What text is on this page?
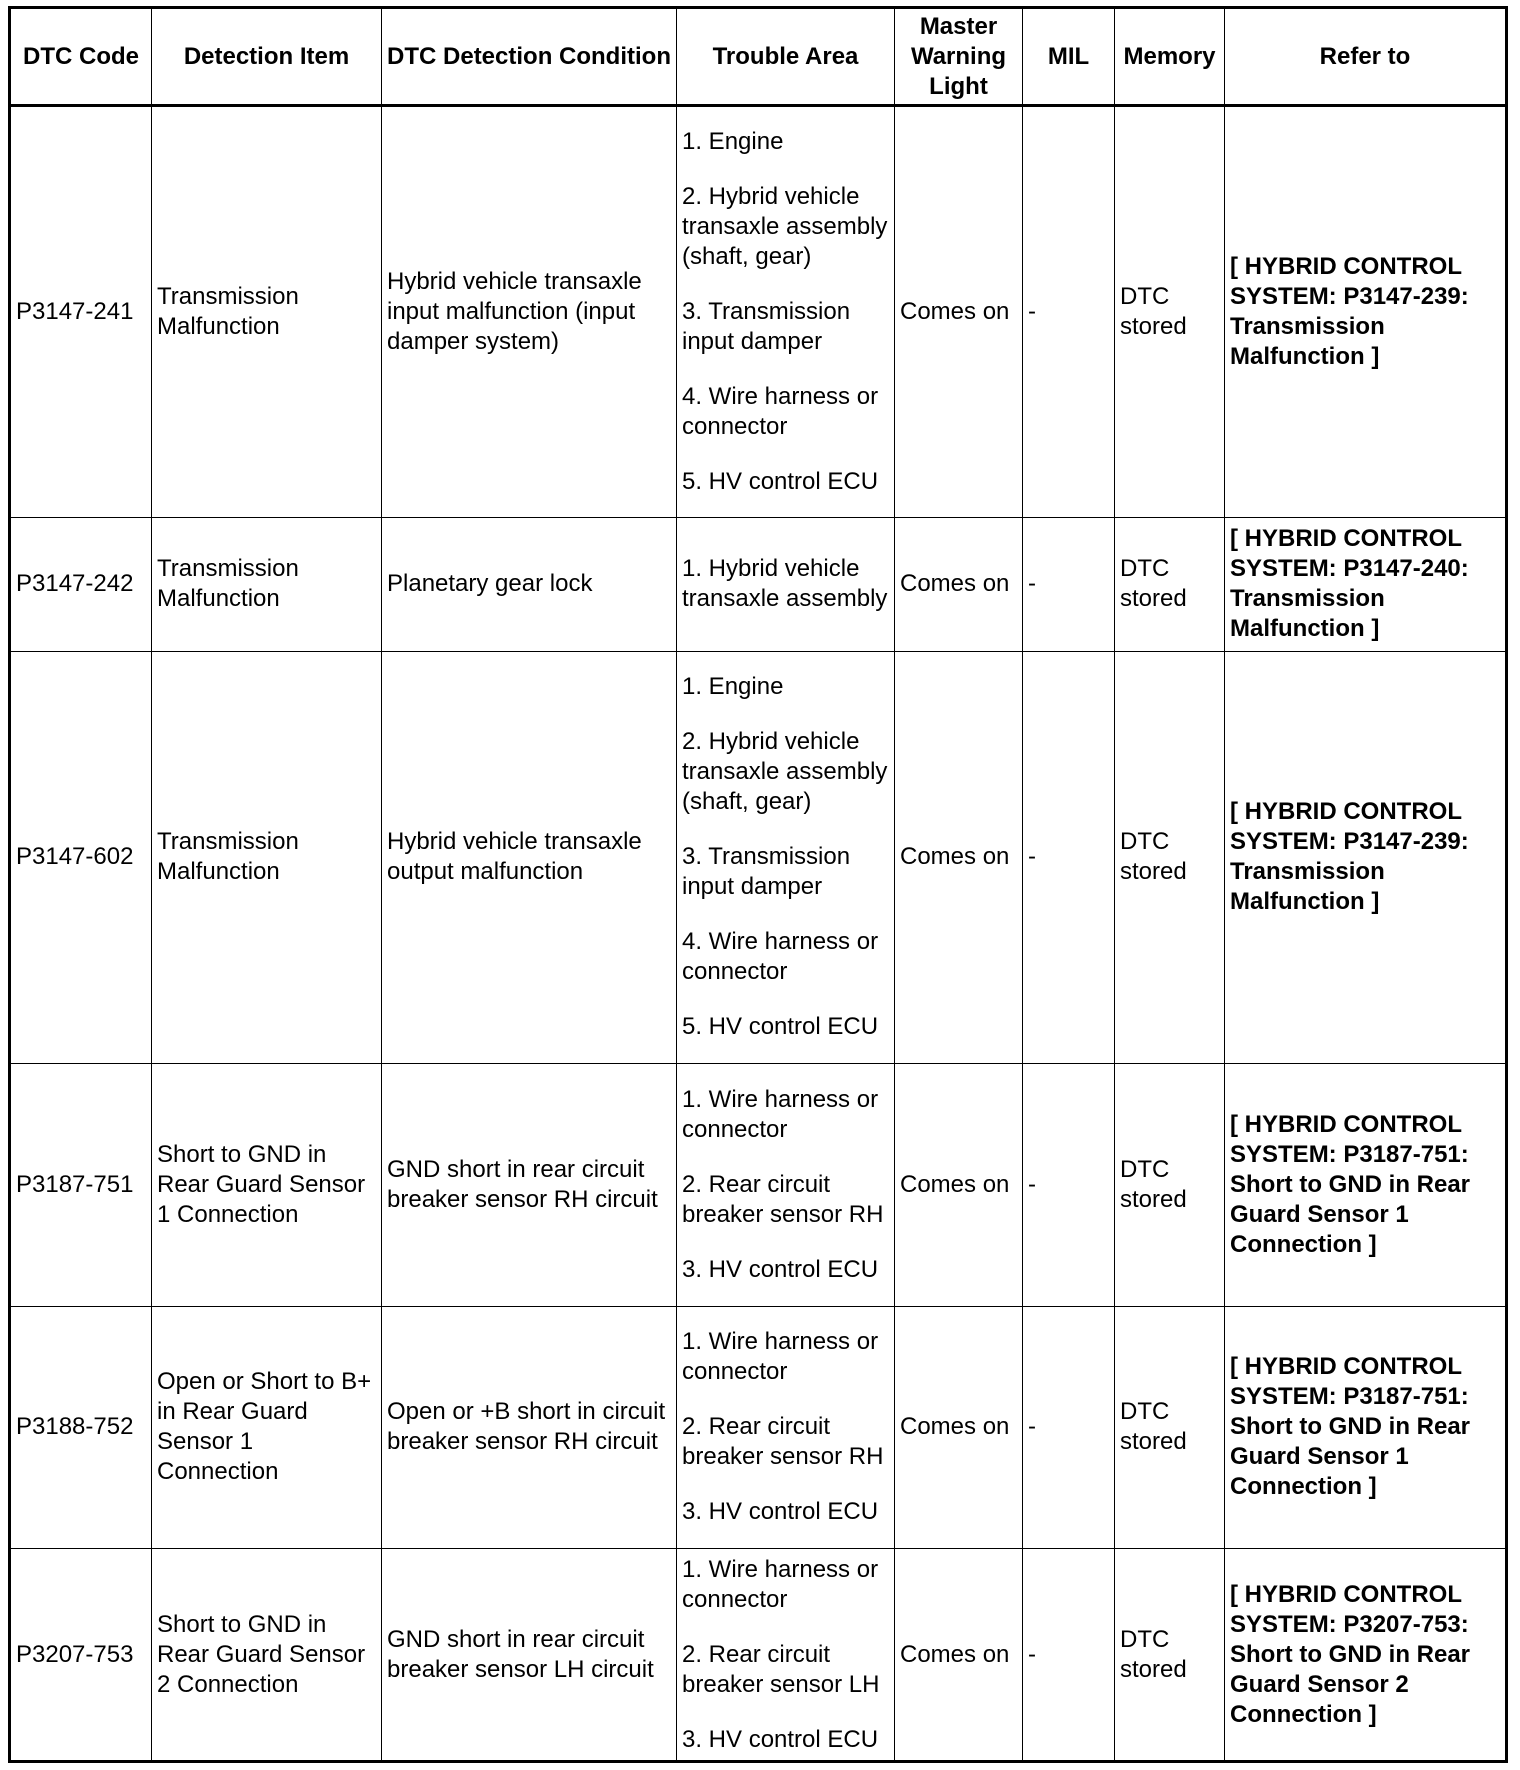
DTC Code	Detection Item	DTC Detection Condition	Trouble Area	Master Warning Light	MIL	Memory	Refer to
P3147-241	Transmission Malfunction	Hybrid vehicle transaxle input malfunction (input damper system)	1. Engine
2. Hybrid vehicle transaxle assembly (shaft, gear)
3. Transmission input damper
4. Wire harness or connector
5. HV control ECU	Comes on	-	DTC stored	[ HYBRID CONTROL SYSTEM: P3147-239: Transmission Malfunction ]
P3147-242	Transmission Malfunction	Planetary gear lock	1. Hybrid vehicle transaxle assembly	Comes on	-	DTC stored	[ HYBRID CONTROL SYSTEM: P3147-240: Transmission Malfunction ]
P3147-602	Transmission Malfunction	Hybrid vehicle transaxle output malfunction	1. Engine
2. Hybrid vehicle transaxle assembly (shaft, gear)
3. Transmission input damper
4. Wire harness or connector
5. HV control ECU	Comes on	-	DTC stored	[ HYBRID CONTROL SYSTEM: P3147-239: Transmission Malfunction ]
P3187-751	Short to GND in Rear Guard Sensor 1 Connection	GND short in rear circuit breaker sensor RH circuit	1. Wire harness or connector
2. Rear circuit breaker sensor RH
3. HV control ECU	Comes on	-	DTC stored	[ HYBRID CONTROL SYSTEM: P3187-751: Short to GND in Rear Guard Sensor 1 Connection ]
P3188-752	Open or Short to B+ in Rear Guard Sensor 1 Connection	Open or +B short in circuit breaker sensor RH circuit	1. Wire harness or connector
2. Rear circuit breaker sensor RH
3. HV control ECU	Comes on	-	DTC stored	[ HYBRID CONTROL SYSTEM: P3187-751: Short to GND in Rear Guard Sensor 1 Connection ]
P3207-753	Short to GND in Rear Guard Sensor 2 Connection	GND short in rear circuit breaker sensor LH circuit	1. Wire harness or connector
2. Rear circuit breaker sensor LH
3. HV control ECU	Comes on	-	DTC stored	[ HYBRID CONTROL SYSTEM: P3207-753: Short to GND in Rear Guard Sensor 2 Connection ]
